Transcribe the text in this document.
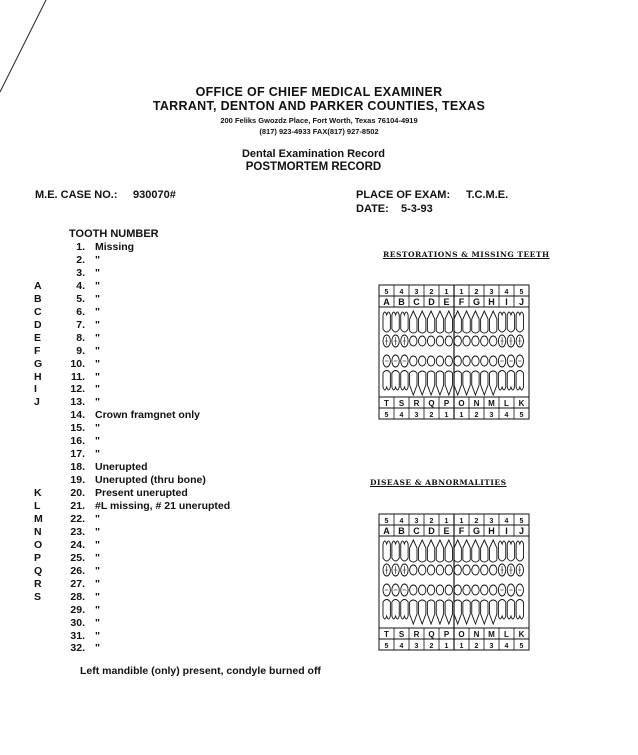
OFFICE OF CHIEF MEDICAL EXAMINER
TARRANT, DENTON AND PARKER COUNTIES, TEXAS
200 Feliks Gwozdz Place, Fort Worth, Texas 76104-4919
(817) 923-4933 FAX(817) 927-8502
Dental Examination Record
POSTMORTEM RECORD
M.E. CASE NO.: 930070#	PLACE OF EXAM: T.C.M.E.
DATE: 5-3-93
TOOTH NUMBER
1. Missing
2. "
3. "
A	4. "
B	5. "
C	6. "
D	7. "
E	8. "
F	9. "
G	10. "
H	11. "
I	12. "
J	13. "
14. Crown framgnet only
15. "
16. "
17. "
18. Unerupted
19. Unerupted (thru bone)
K	20. Present unerupted
L	21. #L missing, # 21 unerupted
M	22. "
N	23. "
O	24. "
P	25. "
Q	26. "
R	27. "
S	28. "
29. "
30. "
31. "
32. "
Left mandible (only) present, condyle burned off
RESTORATIONS & MISSING TEETH
5 4 3 2 1 1 2 3 4 5
A B C D E F G H I J
T S R Q P O N M L K
5 4 3 2 1 1 2 3 4 5
DISEASE & ABNORMALITIES
5 4 3 2 1 1 2 3 4 5
A B C D E F G H I J
T S R Q P O N M L K
5 4 3 2 1 1 2 3 4 5
